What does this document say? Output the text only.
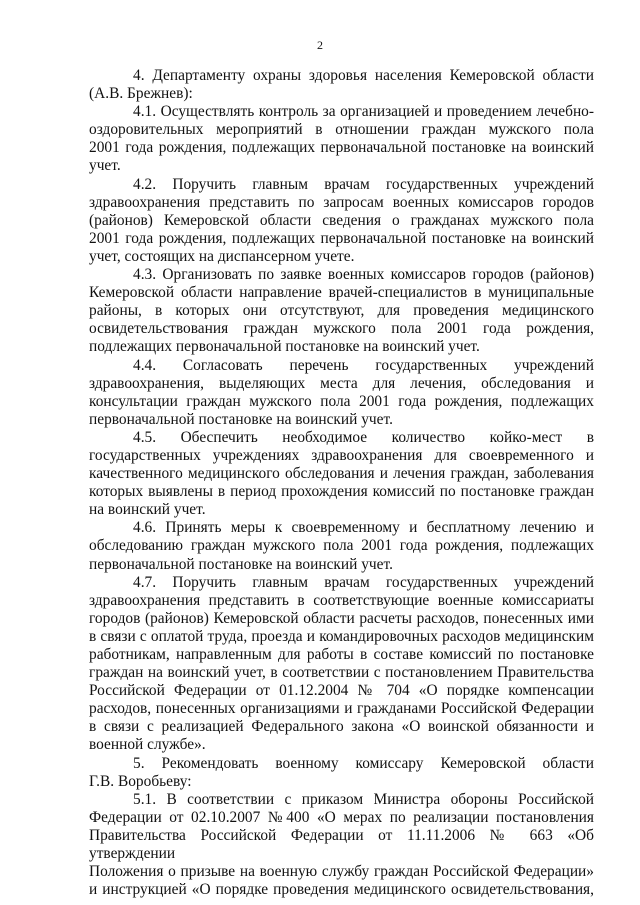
2

4. Департаменту охраны здоровья населения Кемеровской области

(А.В. Брежнев):

4.1. Осуществлять контроль за организацией и проведением лечебно-

оздоровительных мероприятий в отношении граждан мужского пола

2001 года рождения, подлежащих первоначальной постановке на воинский

учет.

4.2. Поручить главным врачам государственных учреждений

здравоохранения представить по запросам военных комиссаров городов

(районов) Кемеровской области сведения о гражданах мужского пола

2001 года рождения, подлежащих первоначальной постановке на воинский

учет, состоящих на диспансерном учете.

4.3. Организовать по заявке военных комиссаров городов (районов)

Кемеровской области направление врачей-специалистов в муниципальные

районы, в которых они отсутствуют, для проведения медицинского

освидетельствования граждан мужского пола 2001 года рождения,

подлежащих первоначальной постановке на воинский учет.

4.4. Согласовать перечень государственных учреждений

здравоохранения, выделяющих места для лечения, обследования и

консультации граждан мужского пола 2001 года рождения, подлежащих

первоначальной постановке на воинский учет.

4.5. Обеспечить необходимое количество койко-мест в

государственных учреждениях здравоохранения для своевременного и

качественного медицинского обследования и лечения граждан, заболевания

которых выявлены в период прохождения комиссий по постановке граждан

на воинский учет.

4.6. Принять меры к своевременному и бесплатному лечению и

обследованию граждан мужского пола 2001 года рождения, подлежащих

первоначальной постановке на воинский учет.

4.7. Поручить главным врачам государственных учреждений

здравоохранения представить в соответствующие военные комиссариаты

городов (районов) Кемеровской области расчеты расходов, понесенных ими

в связи с оплатой труда, проезда и командировочных расходов медицинским

работникам, направленным для работы в составе комиссий по постановке

граждан на воинский учет, в соответствии с постановлением Правительства

Российской Федерации от 01.12.2004 № 704 «О порядке компенсации

расходов, понесенных организациями и гражданами Российской Федерации

в связи с реализацией Федерального закона «О воинской обязанности и

военной службе».

5. Рекомендовать военному комиссару Кемеровской области

Г.В. Воробьеву:

5.1. В соответствии с приказом Министра обороны Российской

Федерации от 02.10.2007 №400 «О мерах по реализации постановления

Правительства Российской Федерации от 11.11.2006 № 663 «Об утверждении

Положения о призыве на военную службу граждан Российской Федерации»

и инструкцией «О порядке проведения медицинского освидетельствования,
